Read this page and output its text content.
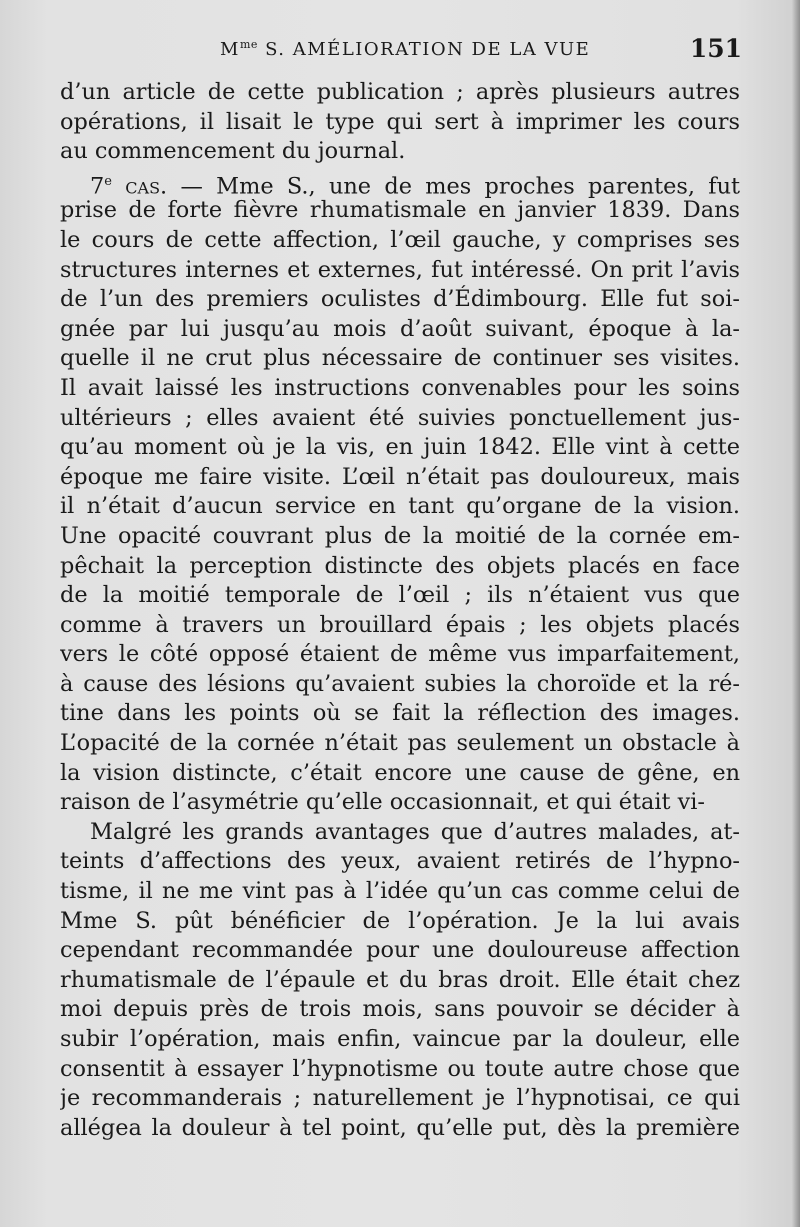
$M^{me}$ S. AMÉLIORATION DE LA VUE	151
d’un article de cette publication ; après plusieurs autres
opérations, il lisait le type qui sert à imprimer les cours
au commencement du journal.
7e cas. — Mme S., une de mes proches parentes, fut
prise de forte fièvre rhumatismale en janvier 1839. Dans
le cours de cette affection, l’œil gauche, y comprises ses
structures internes et externes, fut intéressé. On prit l’avis
de l’un des premiers oculistes d’Édimbourg. Elle fut soi-
gnée par lui jusqu’au mois d’août suivant, époque à la-
quelle il ne crut plus nécessaire de continuer ses visites.
Il avait laissé les instructions convenables pour les soins
ultérieurs ; elles avaient été suivies ponctuellement jus-
qu’au moment où je la vis, en juin 1842. Elle vint à cette
époque me faire visite. L’œil n’était pas douloureux, mais
il n’était d’aucun service en tant qu’organe de la vision.
Une opacité couvrant plus de la moitié de la cornée em-
pêchait la perception distincte des objets placés en face
de la moitié temporale de l’œil ; ils n’étaient vus que
comme à travers un brouillard épais ; les objets placés
vers le côté opposé étaient de même vus imparfaitement,
à cause des lésions qu’avaient subies la choroïde et la ré-
tine dans les points où se fait la réflection des images.
L’opacité de la cornée n’était pas seulement un obstacle à
la vision distincte, c’était encore une cause de gêne, en
raison de l’asymétrie qu’elle occasionnait, et qui était vi-
Malgré les grands avantages que d’autres malades, at-
teints d’affections des yeux, avaient retirés de l’hypno-
tisme, il ne me vint pas à l’idée qu’un cas comme celui de
Mme S. pût bénéficier de l’opération. Je la lui avais
cependant recommandée pour une douloureuse affection
rhumatismale de l’épaule et du bras droit. Elle était chez
moi depuis près de trois mois, sans pouvoir se décider à
subir l’opération, mais enfin, vaincue par la douleur, elle
consentit à essayer l’hypnotisme ou toute autre chose que
je recommanderais ; naturellement je l’hypnotisai, ce qui
allégea la douleur à tel point, qu’elle put, dès la première
